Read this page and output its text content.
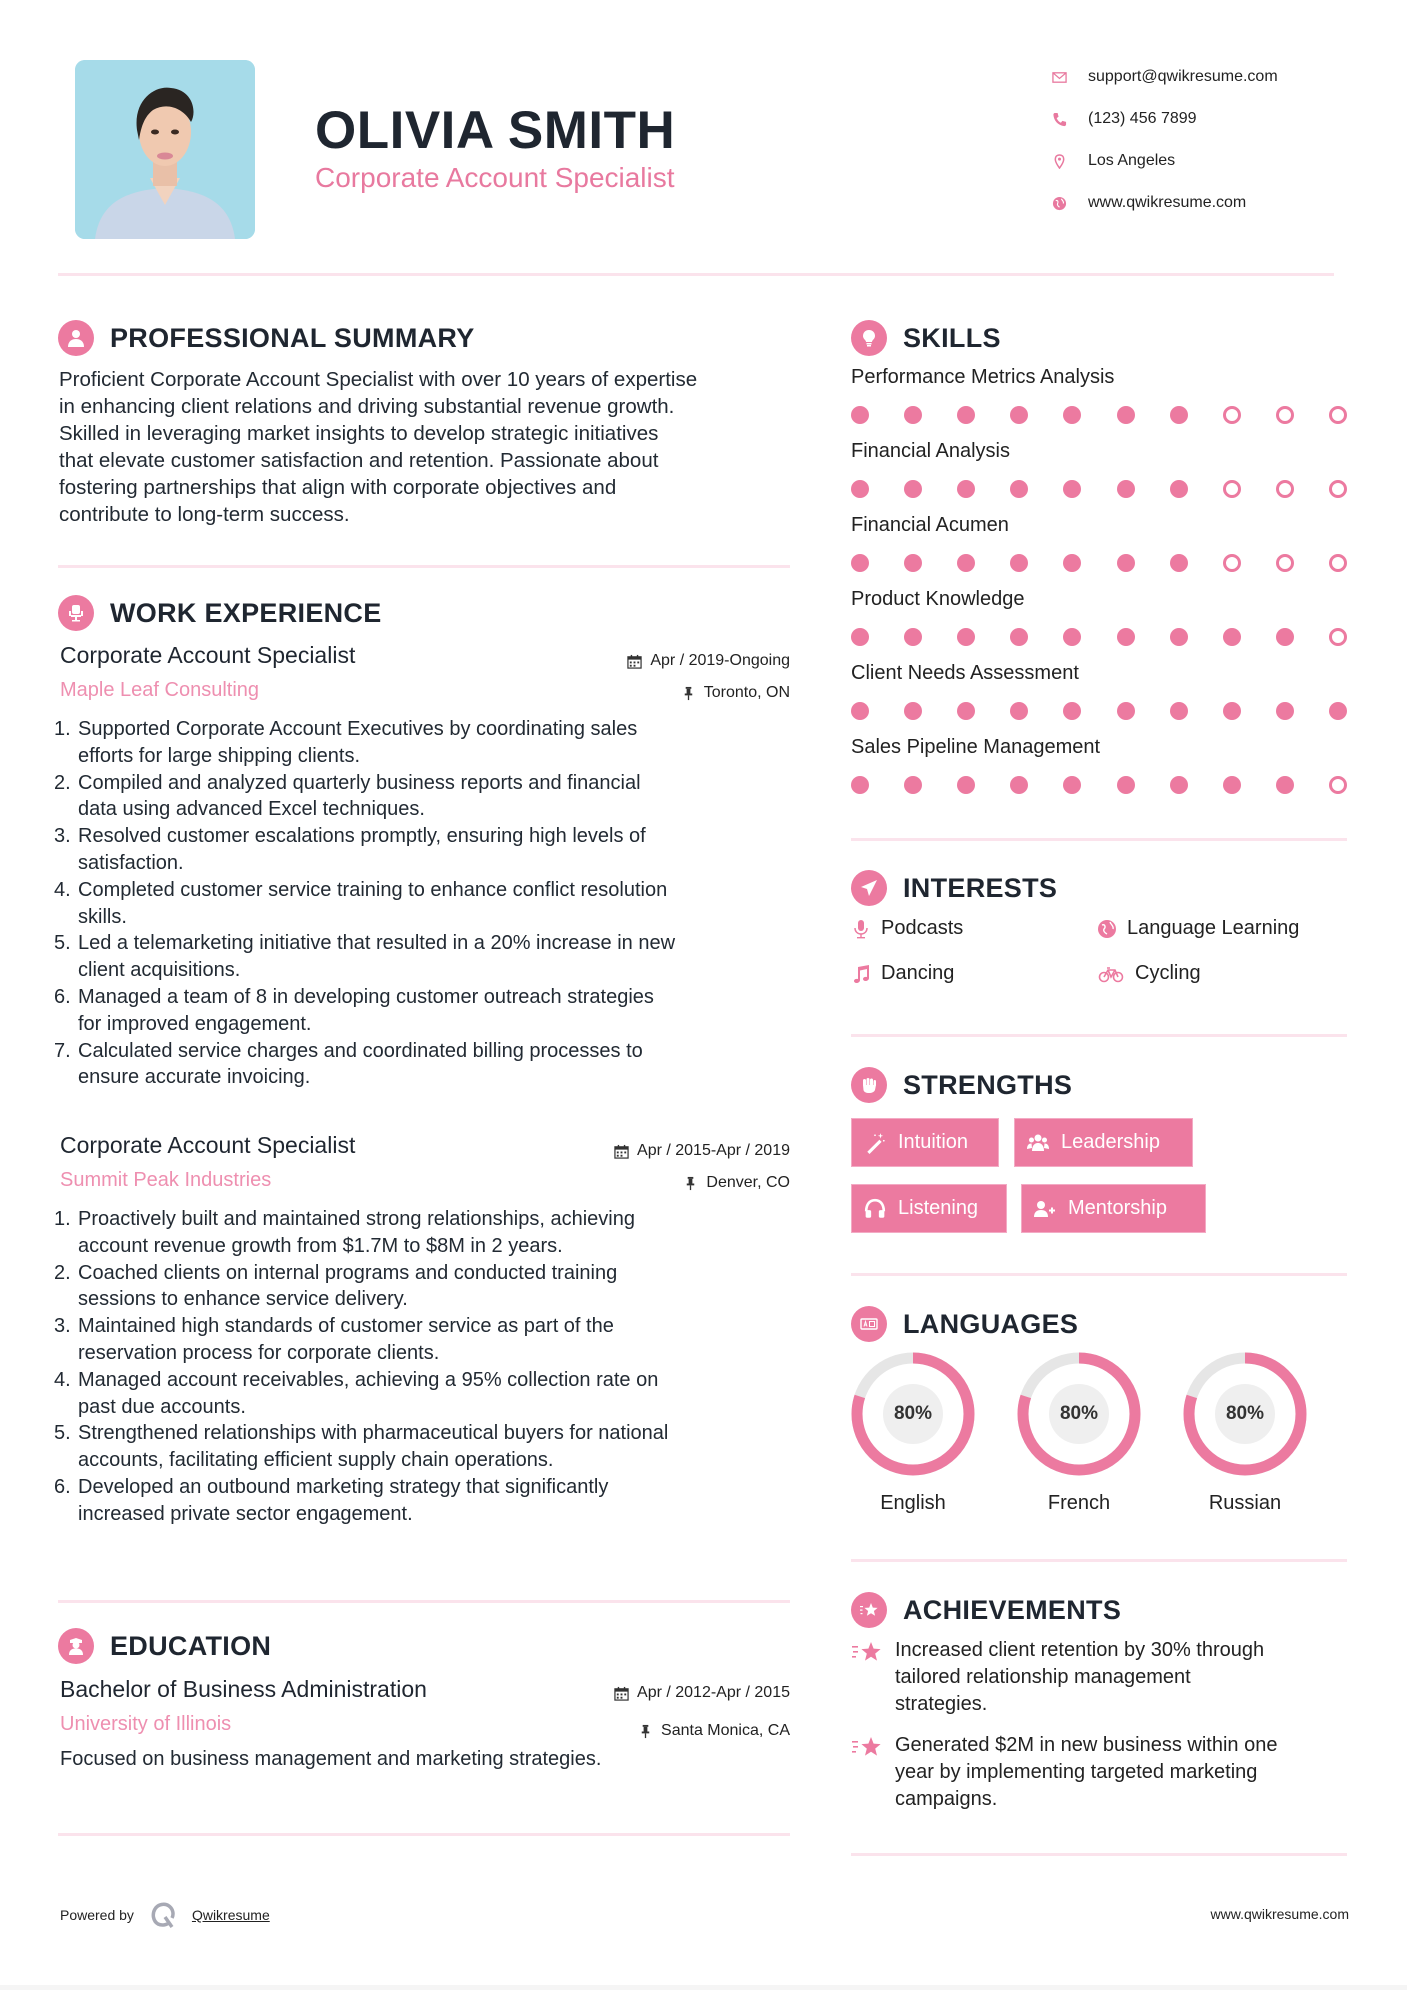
OLIVIA SMITH
Corporate Account Specialist
support@qwikresume.com
(123) 456 7899
Los Angeles
www.qwikresume.com
PROFESSIONAL SUMMARY
Proficient Corporate Account Specialist with over 10 years of expertise
in enhancing client relations and driving substantial revenue growth.
Skilled in leveraging market insights to develop strategic initiatives
that elevate customer satisfaction and retention. Passionate about
fostering partnerships that align with corporate objectives and
contribute to long-term success.
WORK EXPERIENCE
Corporate Account Specialist
Maple Leaf Consulting
Apr / 2019-Ongoing
Toronto, ON
1. Supported Corporate Account Executives by coordinating sales
efforts for large shipping clients.
2. Compiled and analyzed quarterly business reports and financial
data using advanced Excel techniques.
3. Resolved customer escalations promptly, ensuring high levels of
satisfaction.
4. Completed customer service training to enhance conflict resolution
skills.
5. Led a telemarketing initiative that resulted in a 20% increase in new
client acquisitions.
6. Managed a team of 8 in developing customer outreach strategies
for improved engagement.
7. Calculated service charges and coordinated billing processes to
ensure accurate invoicing.
Corporate Account Specialist
Summit Peak Industries
Apr / 2015-Apr / 2019
Denver, CO
1. Proactively built and maintained strong relationships, achieving
account revenue growth from $1.7M to $8M in 2 years.
2. Coached clients on internal programs and conducted training
sessions to enhance service delivery.
3. Maintained high standards of customer service as part of the
reservation process for corporate clients.
4. Managed account receivables, achieving a 95% collection rate on
past due accounts.
5. Strengthened relationships with pharmaceutical buyers for national
accounts, facilitating efficient supply chain operations.
6. Developed an outbound marketing strategy that significantly
increased private sector engagement.
EDUCATION
Bachelor of Business Administration
University of Illinois
Apr / 2012-Apr / 2015
Santa Monica, CA
Focused on business management and marketing strategies.
SKILLS
Performance Metrics Analysis
Financial Analysis
Financial Acumen
Product Knowledge
Client Needs Assessment
Sales Pipeline Management
INTERESTS
Podcasts	Language Learning
Dancing	Cycling
STRENGTHS
Intuition	Leadership
Listening	Mentorship
LANGUAGES
80%
English
80%
French
80%
Russian
ACHIEVEMENTS
Increased client retention by 30% through
tailored relationship management
strategies.
Generated $2M in new business within one
year by implementing targeted marketing
campaigns.
Powered by	Qwikresume	www.qwikresume.com
